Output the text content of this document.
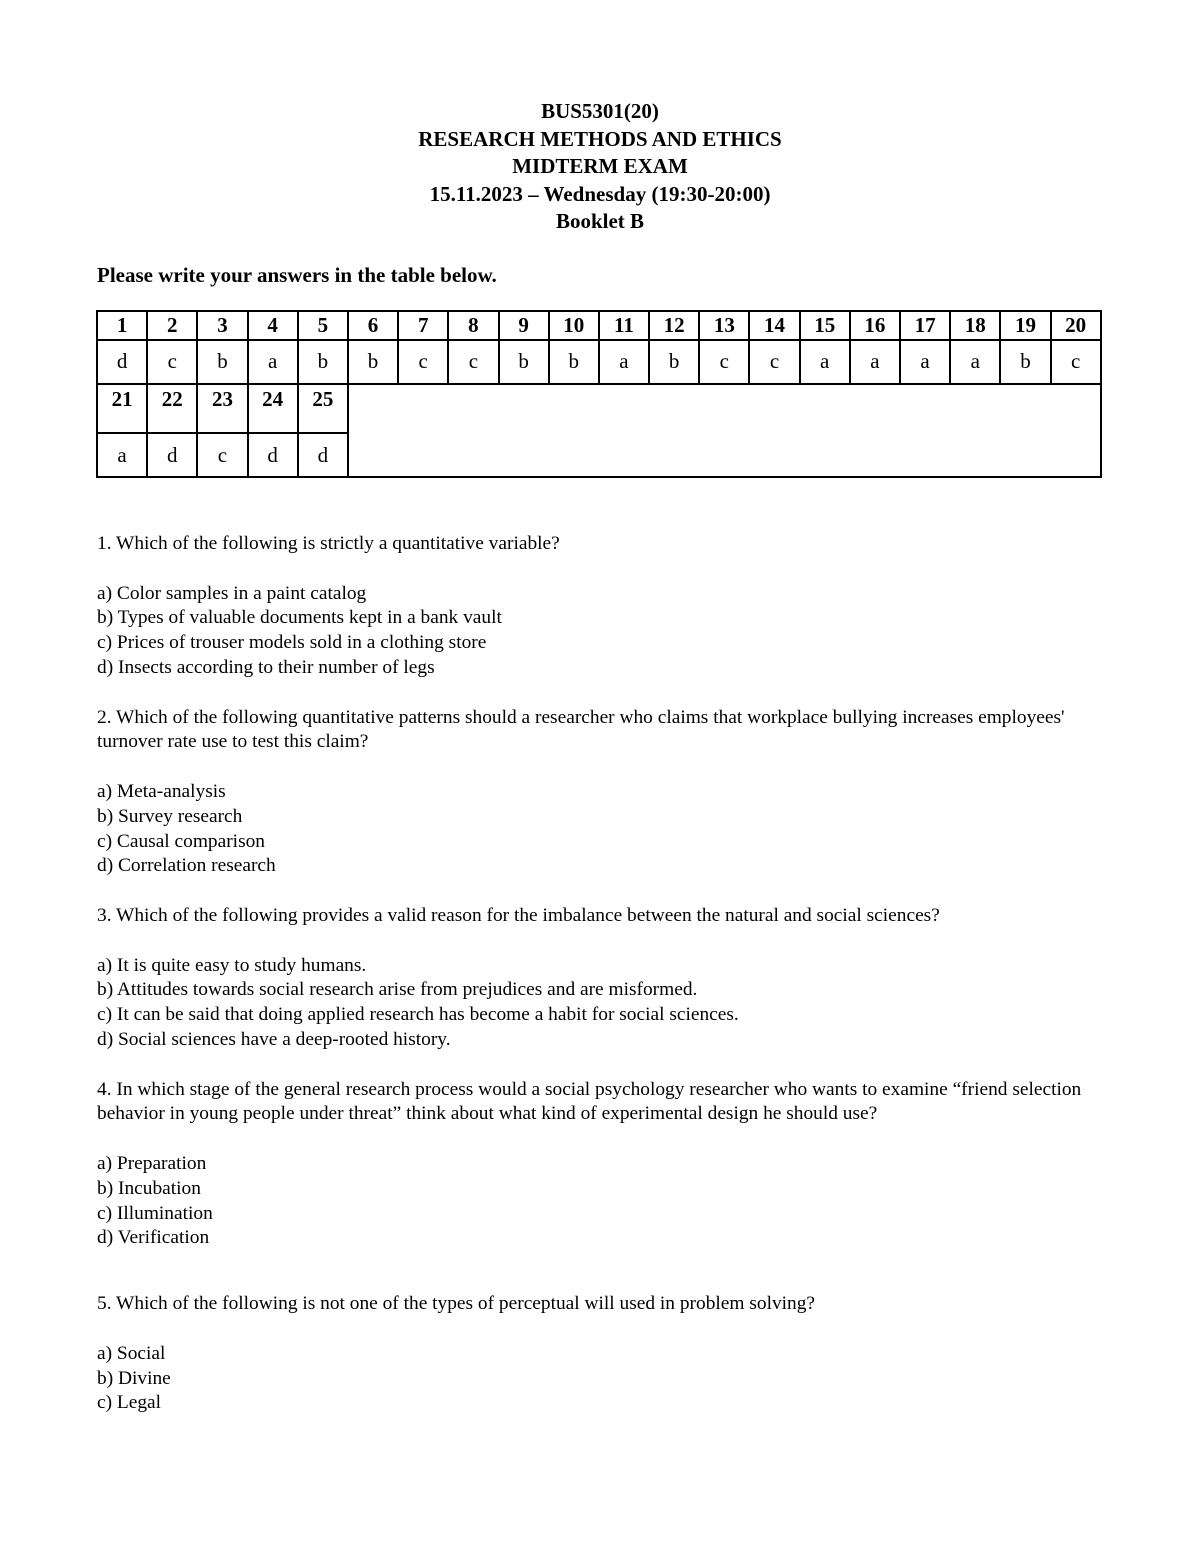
BUS5301(20)
RESEARCH METHODS AND ETHICS
MIDTERM EXAM
15.11.2023 – Wednesday (19:30-20:00)
Booklet B
Please write your answers in the table below.
1	2	3	4	5	6	7	8	9	10	11	12	13	14	15	16	17	18	19	20
d	c	b	a	b	b	c	c	b	b	a	b	c	c	a	a	a	a	b	c
21	22	23	24	25															
a	d	c	d	d															

1. Which of the following is strictly a quantitative variable?

a) Color samples in a paint catalog

b) Types of valuable documents kept in a bank vault

c) Prices of trouser models sold in a clothing store

d) Insects according to their number of legs

2. Which of the following quantitative patterns should a researcher who claims that workplace bullying increases employees' turnover rate use to test this claim?

a) Meta-analysis

b) Survey research

c) Causal comparison

d) Correlation research

3. Which of the following provides a valid reason for the imbalance between the natural and social sciences?

a) It is quite easy to study humans.

b) Attitudes towards social research arise from prejudices and are misformed.

c) It can be said that doing applied research has become a habit for social sciences.

d) Social sciences have a deep-rooted history.

4. In which stage of the general research process would a social psychology researcher who wants to examine “friend selection behavior in young people under threat” think about what kind of experimental design he should use?

a) Preparation

b) Incubation

c) Illumination

d) Verification

5. Which of the following is not one of the types of perceptual will used in problem solving?

a) Social

b) Divine

c) Legal
